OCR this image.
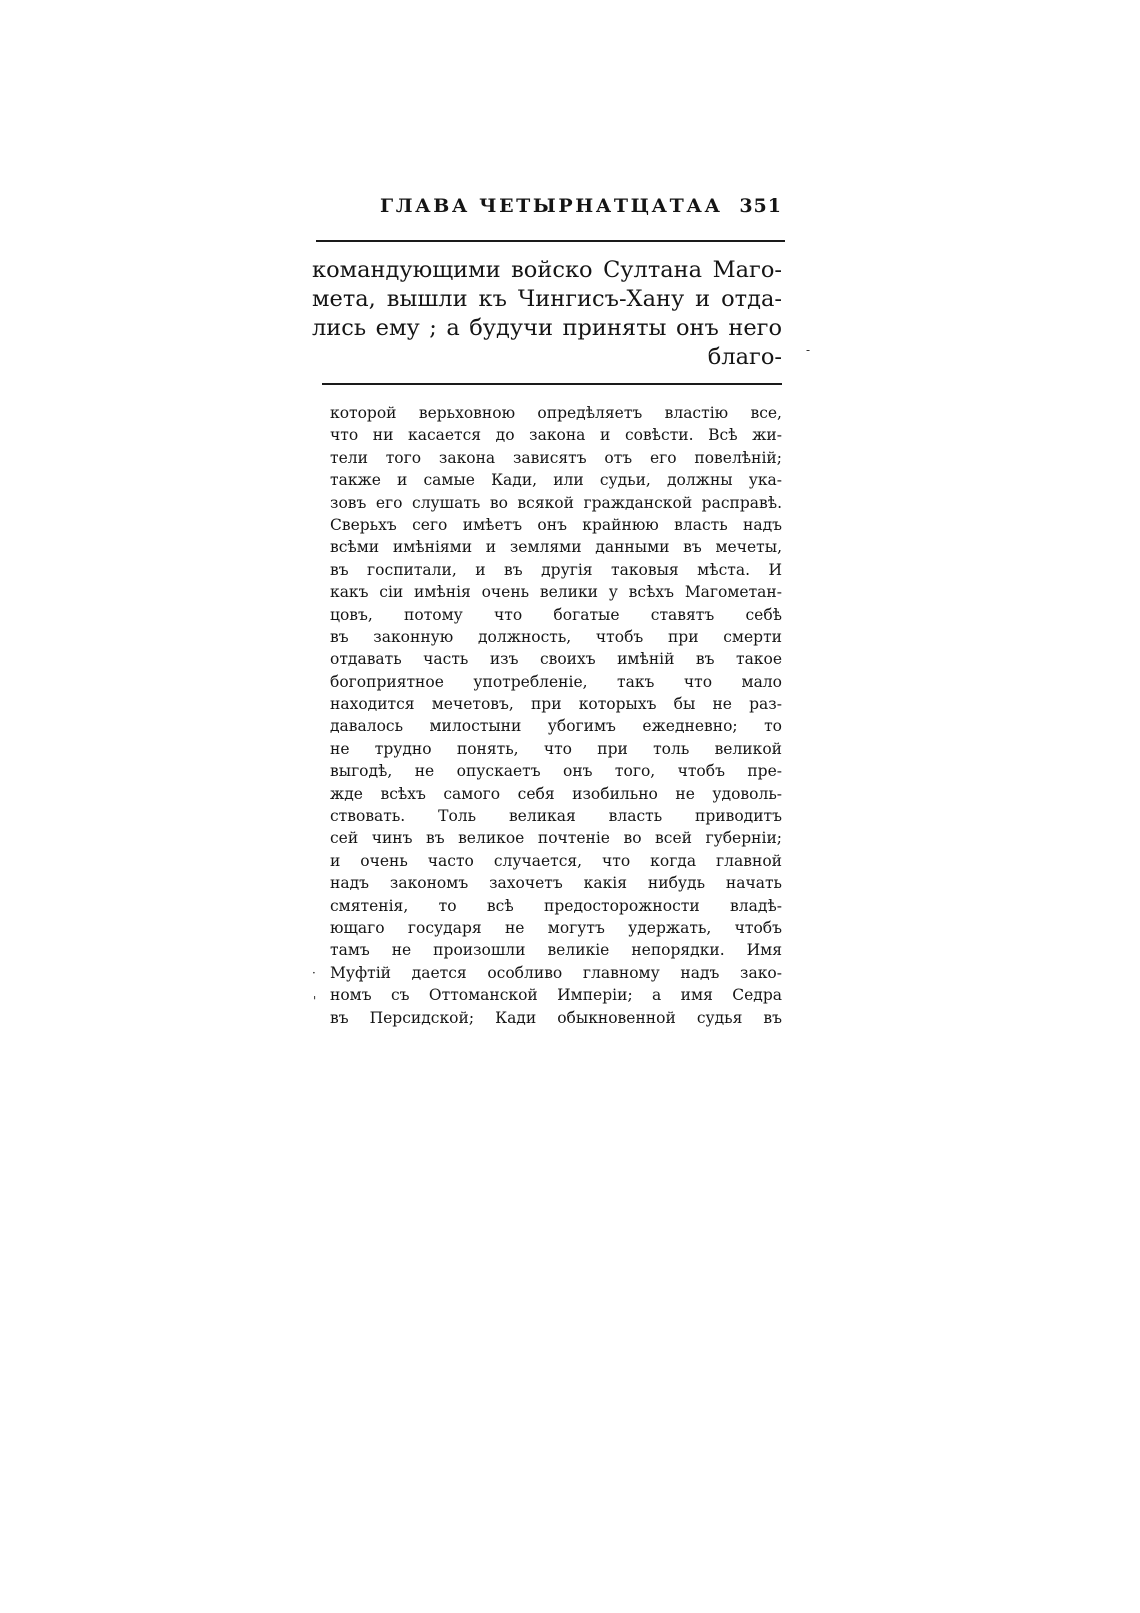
ГЛАВА ЧЕТЫРНАТЦАТАА 351
командующими войско Султана Маго-
мета, вышли къ Чингисъ-Хану и отда-
лись ему ; а будучи приняты онъ него
благо-
которой верьховною опредѣляетъ властію все,
что ни касается до закона и совѣсти. Всѣ жи-
тели того закона зависятъ отъ его повелѣній;
также и самые Кади, или судьи, должны ука-
зовъ его слушать во всякой гражданской расправѣ.
Сверьхъ сего имѣетъ онъ крайнюю власть надъ
всѣми имѣніями и землями данными въ мечеты,
въ госпитали, и въ другія таковыя мѣста. И
какъ сіи имѣнія очень велики у всѣхъ Магометан-
цовъ, потому что богатые ставятъ себѣ
въ законную должность, чтобъ при смерти
отдавать часть изъ своихъ имѣній въ такое
богоприятное употребленіе, такъ что мало
находится мечетовъ, при которыхъ бы не раз-
давалось милостыни убогимъ ежедневно; то
не трудно понять, что при толь великой
выгодѣ, не опускаетъ онъ того, чтобъ пре-
жде всѣхъ самого себя изобильно не удоволь-
ствовать. Толь великая власть приводитъ
сей чинъ въ великое почтеніе во всей губерніи;
и очень часто случается, что когда главной
надъ закономъ захочетъ какія нибудь начать
смятенія, то всѣ предосторожности владѣ-
ющаго государя не могутъ удержать, чтобъ
тамъ не произошли великіе непорядки. Имя
Муфтій дается особливо главному надъ зако-
номъ съ Оттоманской Имперіи; а имя Седра
въ Персидской; Кади обыкновенной судья въ
-
·
'
